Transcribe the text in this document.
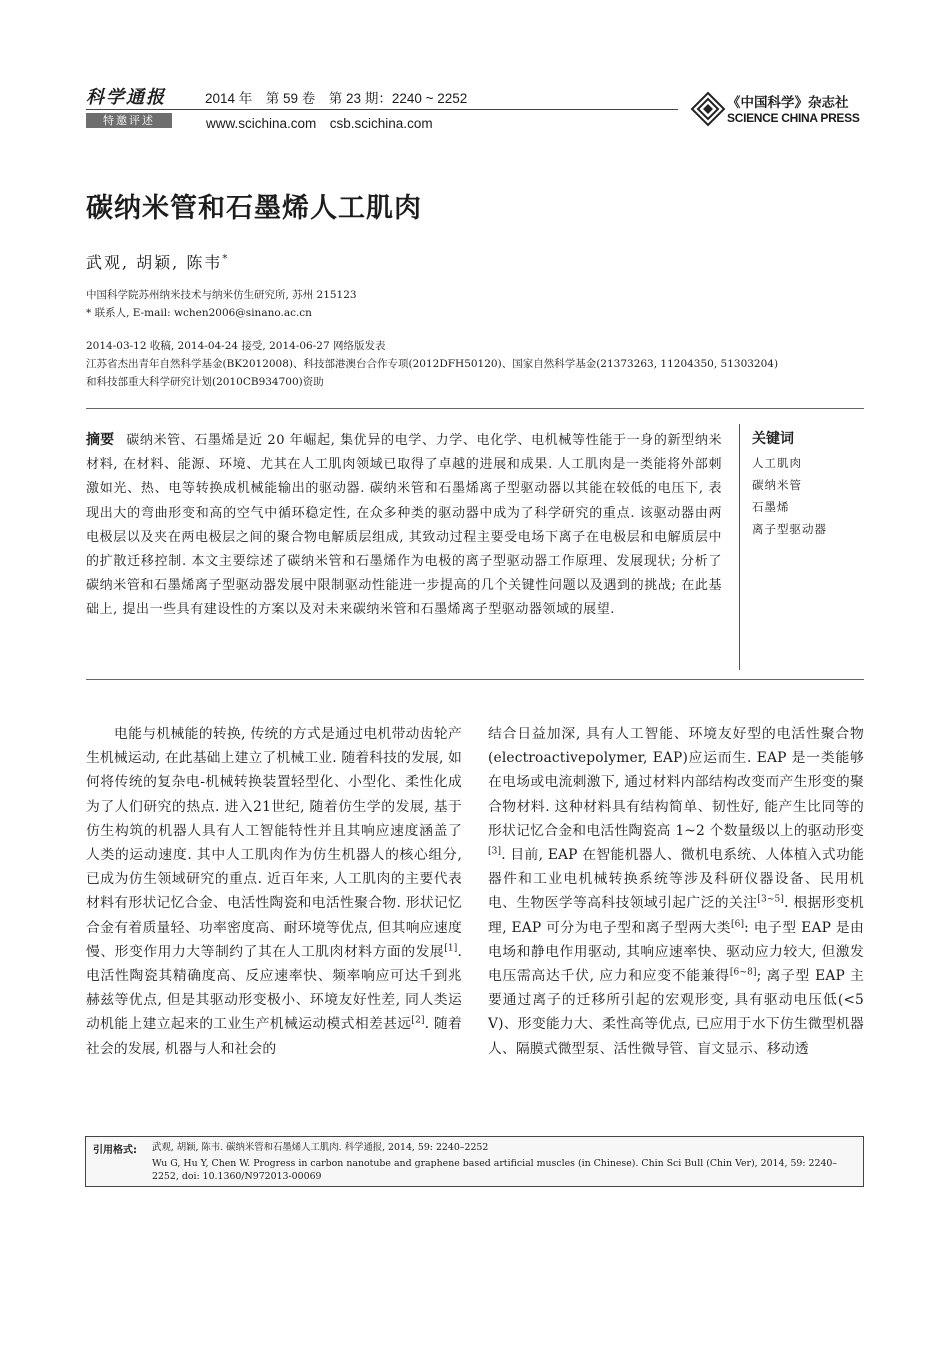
科学通报	2014 年　第 59 卷　第 23 期：2240 ~ 2252
特邀评述	www.scichina.com　csb.scichina.com
《中国科学》杂志社
SCIENCE CHINA PRESS
碳纳米管和石墨烯人工肌肉
武观, 胡颖, 陈韦*
中国科学院苏州纳米技术与纳米仿生研究所, 苏州 215123
* 联系人, E-mail: wchen2006@sinano.ac.cn
2014-03-12 收稿, 2014-04-24 接受, 2014-06-27 网络版发表
江苏省杰出青年自然科学基金(BK2012008)、科技部港澳台合作专项(2012DFH50120)、国家自然科学基金(21373263, 11204350, 51303204)
和科技部重大科学研究计划(2010CB934700)资助
摘要 碳纳米管、石墨烯是近 20 年崛起, 集优异的电学、力学、电化学、电机械等性能于一身的新型纳米材料, 在材料、能源、环境、尤其在人工肌肉领域已取得了卓越的进展和成果. 人工肌肉是一类能将外部刺激如光、热、电等转换成机械能输出的驱动器. 碳纳米管和石墨烯离子型驱动器以其能在较低的电压下, 表现出大的弯曲形变和高的空气中循环稳定性, 在众多种类的驱动器中成为了科学研究的重点. 该驱动器由两电极层以及夹在两电极层之间的聚合物电解质层组成, 其致动过程主要受电场下离子在电极层和电解质层中的扩散迁移控制. 本文主要综述了碳纳米管和石墨烯作为电极的离子型驱动器工作原理、发展现状; 分析了碳纳米管和石墨烯离子型驱动器发展中限制驱动性能进一步提高的几个关键性问题以及遇到的挑战; 在此基础上, 提出一些具有建设性的方案以及对未来碳纳米管和石墨烯离子型驱动器领域的展望.
关键词
人工肌肉
碳纳米管
石墨烯
离子型驱动器

电能与机械能的转换, 传统的方式是通过电机带动齿轮产生机械运动, 在此基础上建立了机械工业. 随着科技的发展, 如何将传统的复杂电-机械转换装置轻型化、小型化、柔性化成为了人们研究的热点. 进入21世纪, 随着仿生学的发展, 基于仿生构筑的机器人具有人工智能特性并且其响应速度涵盖了人类的运动速度. 其中人工肌肉作为仿生机器人的核心组分, 已成为仿生领域研究的重点. 近百年来, 人工肌肉的主要代表材料有形状记忆合金、电活性陶瓷和电活性聚合物. 形状记忆合金有着质量轻、功率密度高、耐环境等优点, 但其响应速度慢、形变作用力大等制约了其在人工肌肉材料方面的发展[1]. 电活性陶瓷其精确度高、反应速率快、频率响应可达千到兆赫兹等优点, 但是其驱动形变极小、环境友好性差, 同人类运动机能上建立起来的工业生产机械运动模式相差甚远[2]. 随着社会的发展, 机器与人和社会的

结合日益加深, 具有人工智能、环境友好型的电活性聚合物(electroactivepolymer, EAP)应运而生. EAP 是一类能够在电场或电流刺激下, 通过材料内部结构改变而产生形变的聚合物材料. 这种材料具有结构简单、韧性好, 能产生比同等的形状记忆合金和电活性陶瓷高 1~2 个数量级以上的驱动形变[3]. 目前, EAP 在智能机器人、微机电系统、人体植入式功能器件和工业电机械转换系统等涉及科研仪器设备、民用机电、生物医学等高科技领域引起广泛的关注[3~5]. 根据形变机理, EAP 可分为电子型和离子型两大类[6]: 电子型 EAP 是由电场和静电作用驱动, 其响应速率快、驱动应力较大, 但激发电压需高达千伏, 应力和应变不能兼得[6~8]; 离子型 EAP 主要通过离子的迁移所引起的宏观形变, 具有驱动电压低(<5 V)、形变能力大、柔性高等优点, 已应用于水下仿生微型机器人、隔膜式微型泵、活性微导管、盲文显示、移动透

引用格式: 武观, 胡颖, 陈韦. 碳纳米管和石墨烯人工肌肉. 科学通报, 2014, 59: 2240–2252
Wu G, Hu Y, Chen W. Progress in carbon nanotube and graphene based artificial muscles (in Chinese). Chin Sci Bull (Chin Ver), 2014, 59: 2240–
2252, doi: 10.1360/N972013-00069
